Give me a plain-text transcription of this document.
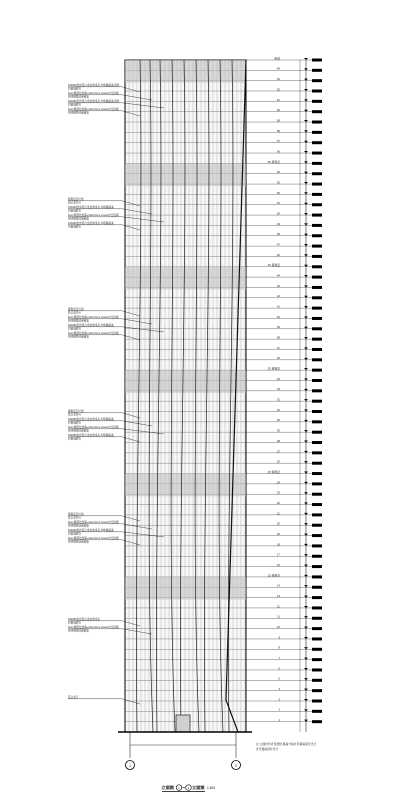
屋面
64
63
62
61
60
59
58
57
56
55 避难层
54
53
52
51
50
49
48
47
46
45 避难层
44
43
42
41
40
39
38
37
36
35 避难层
34
33
32
31
30
29
28
27
26
25 避难层
24
23
22
21
20
19
18
17
16
15 避难层
14
13
12
11
10
9
8
7
6
5
4
3
2
1
150x80竖向铝合金装饰线条,外喷氟碳漆,颜色
同幕墙框料
6mm厚钢化玻璃+12A+6mm Low-E中空玻璃
竖明横隐玻璃幕墙
150x80竖向铝合金装饰线条,外喷氟碳漆,颜色
同幕墙框料
6mm厚钢化玻璃+12A+6mm Low-E中空玻璃
竖明横隐玻璃幕墙
避难层百叶窗
铝合金百叶
150x80竖向铝合金装饰线条,外喷氟碳漆
同幕墙框料
6mm厚钢化玻璃+12A+6mm Low-E中空玻璃
竖明横隐玻璃幕墙
150x80竖向铝合金装饰线条,外喷氟碳漆
同幕墙框料
避难层百叶窗
铝合金百叶
6mm厚钢化玻璃+12A+6mm Low-E中空玻璃
竖明横隐玻璃幕墙
150x80竖向铝合金装饰线条,外喷氟碳漆
同幕墙框料
6mm厚钢化玻璃+12A+6mm Low-E中空玻璃
竖明横隐玻璃幕墙
避难层百叶窗
铝合金百叶
150x80竖向铝合金装饰线条,外喷氟碳漆
同幕墙框料
6mm厚钢化玻璃+12A+6mm Low-E中空玻璃
竖明横隐玻璃幕墙
150x80竖向铝合金装饰线条,外喷氟碳漆
同幕墙框料
避难层百叶窗
铝合金百叶
6mm厚钢化玻璃+12A+6mm Low-E中空玻璃
竖明横隐玻璃幕墙
150x80竖向铝合金装饰线条,外喷氟碳漆
同幕墙框料
6mm厚钢化玻璃+12A+6mm Low-E中空玻璃
竖明横隐玻璃幕墙
150x80竖向铝合金装饰线条
同幕墙框料
6mm厚钢化玻璃+12A+6mm Low-E中空玻璃
竖明横隐玻璃幕墙
铝合金门
1	2
注:立面材料详见图纸,幕墙分格详见幕墙深化设计
详见幕墙深化设计
立面图	1	2 立面图 1:100
